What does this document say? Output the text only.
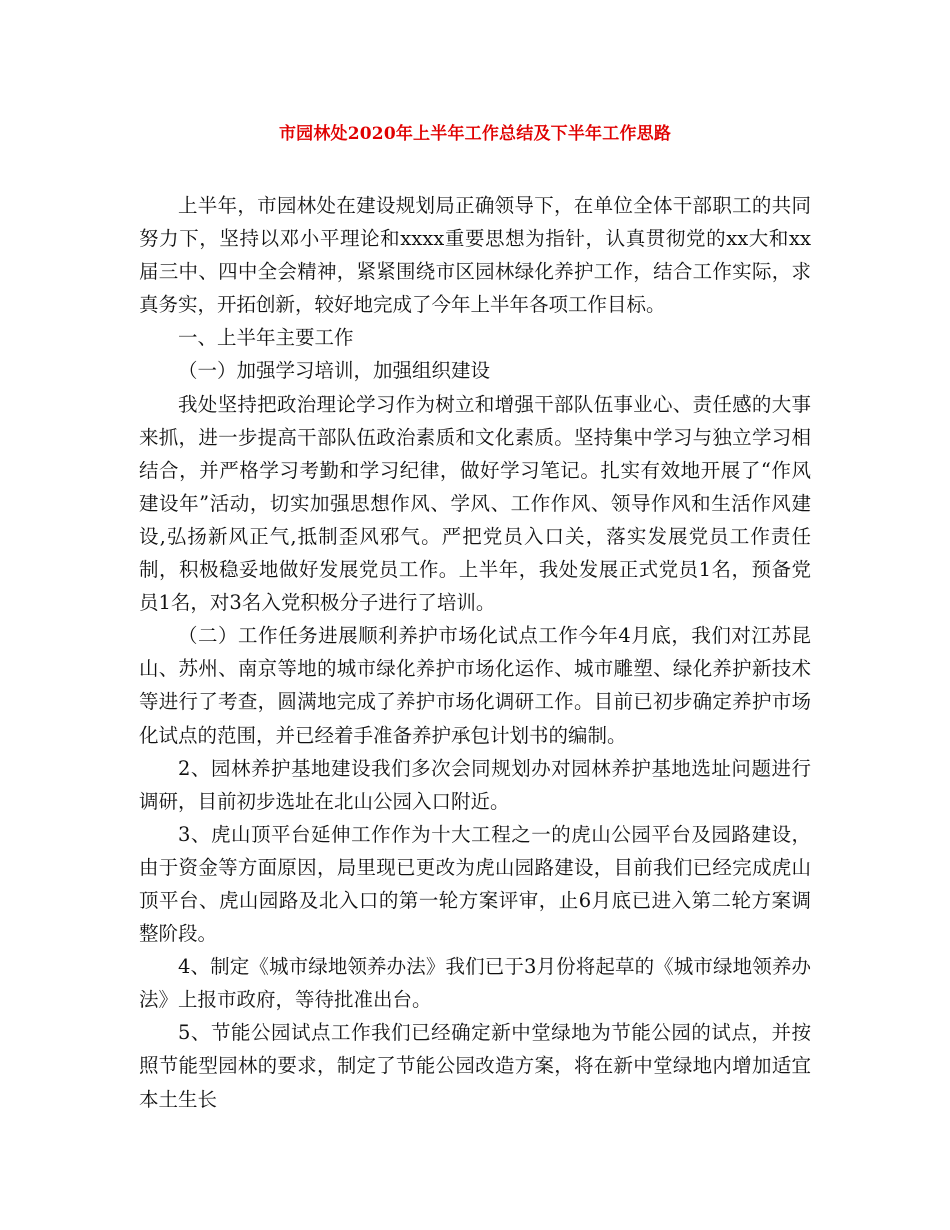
市园林处2020年上半年工作总结及下半年工作思路

上半年，市园林处在建设规划局正确领导下，在单位全体干部职工的共同努力下，坚持以邓小平理论和xxxx重要思想为指针，认真贯彻党的xx大和xx届三中、四中全会精神，紧紧围绕市区园林绿化养护工作，结合工作实际，求真务实，开拓创新，较好地完成了今年上半年各项工作目标。

一、上半年主要工作

（一）加强学习培训，加强组织建设

我处坚持把政治理论学习作为树立和增强干部队伍事业心、责任感的大事来抓，进一步提高干部队伍政治素质和文化素质。坚持集中学习与独立学习相结合，并严格学习考勤和学习纪律，做好学习笔记。扎实有效地开展了“作风建设年”活动，切实加强思想作风、学风、工作作风、领导作风和生活作风建设,弘扬新风正气,抵制歪风邪气。严把党员入口关，落实发展党员工作责任制，积极稳妥地做好发展党员工作。上半年，我处发展正式党员1名，预备党员1名，对3名入党积极分子进行了培训。

（二）工作任务进展顺利养护市场化试点工作今年4月底，我们对江苏昆山、苏州、南京等地的城市绿化养护市场化运作、城市雕塑、绿化养护新技术等进行了考查，圆满地完成了养护市场化调研工作。目前已初步确定养护市场化试点的范围，并已经着手准备养护承包计划书的编制。

2、园林养护基地建设我们多次会同规划办对园林养护基地选址问题进行调研，目前初步选址在北山公园入口附近。

3、虎山顶平台延伸工作作为十大工程之一的虎山公园平台及园路建设，由于资金等方面原因，局里现已更改为虎山园路建设，目前我们已经完成虎山顶平台、虎山园路及北入口的第一轮方案评审，止6月底已进入第二轮方案调整阶段。

4、制定《城市绿地领养办法》我们已于3月份将起草的《城市绿地领养办法》上报市政府，等待批准出台。

5、节能公园试点工作我们已经确定新中堂绿地为节能公园的试点，并按照节能型园林的要求，制定了节能公园改造方案，将在新中堂绿地内增加适宜本土生长
